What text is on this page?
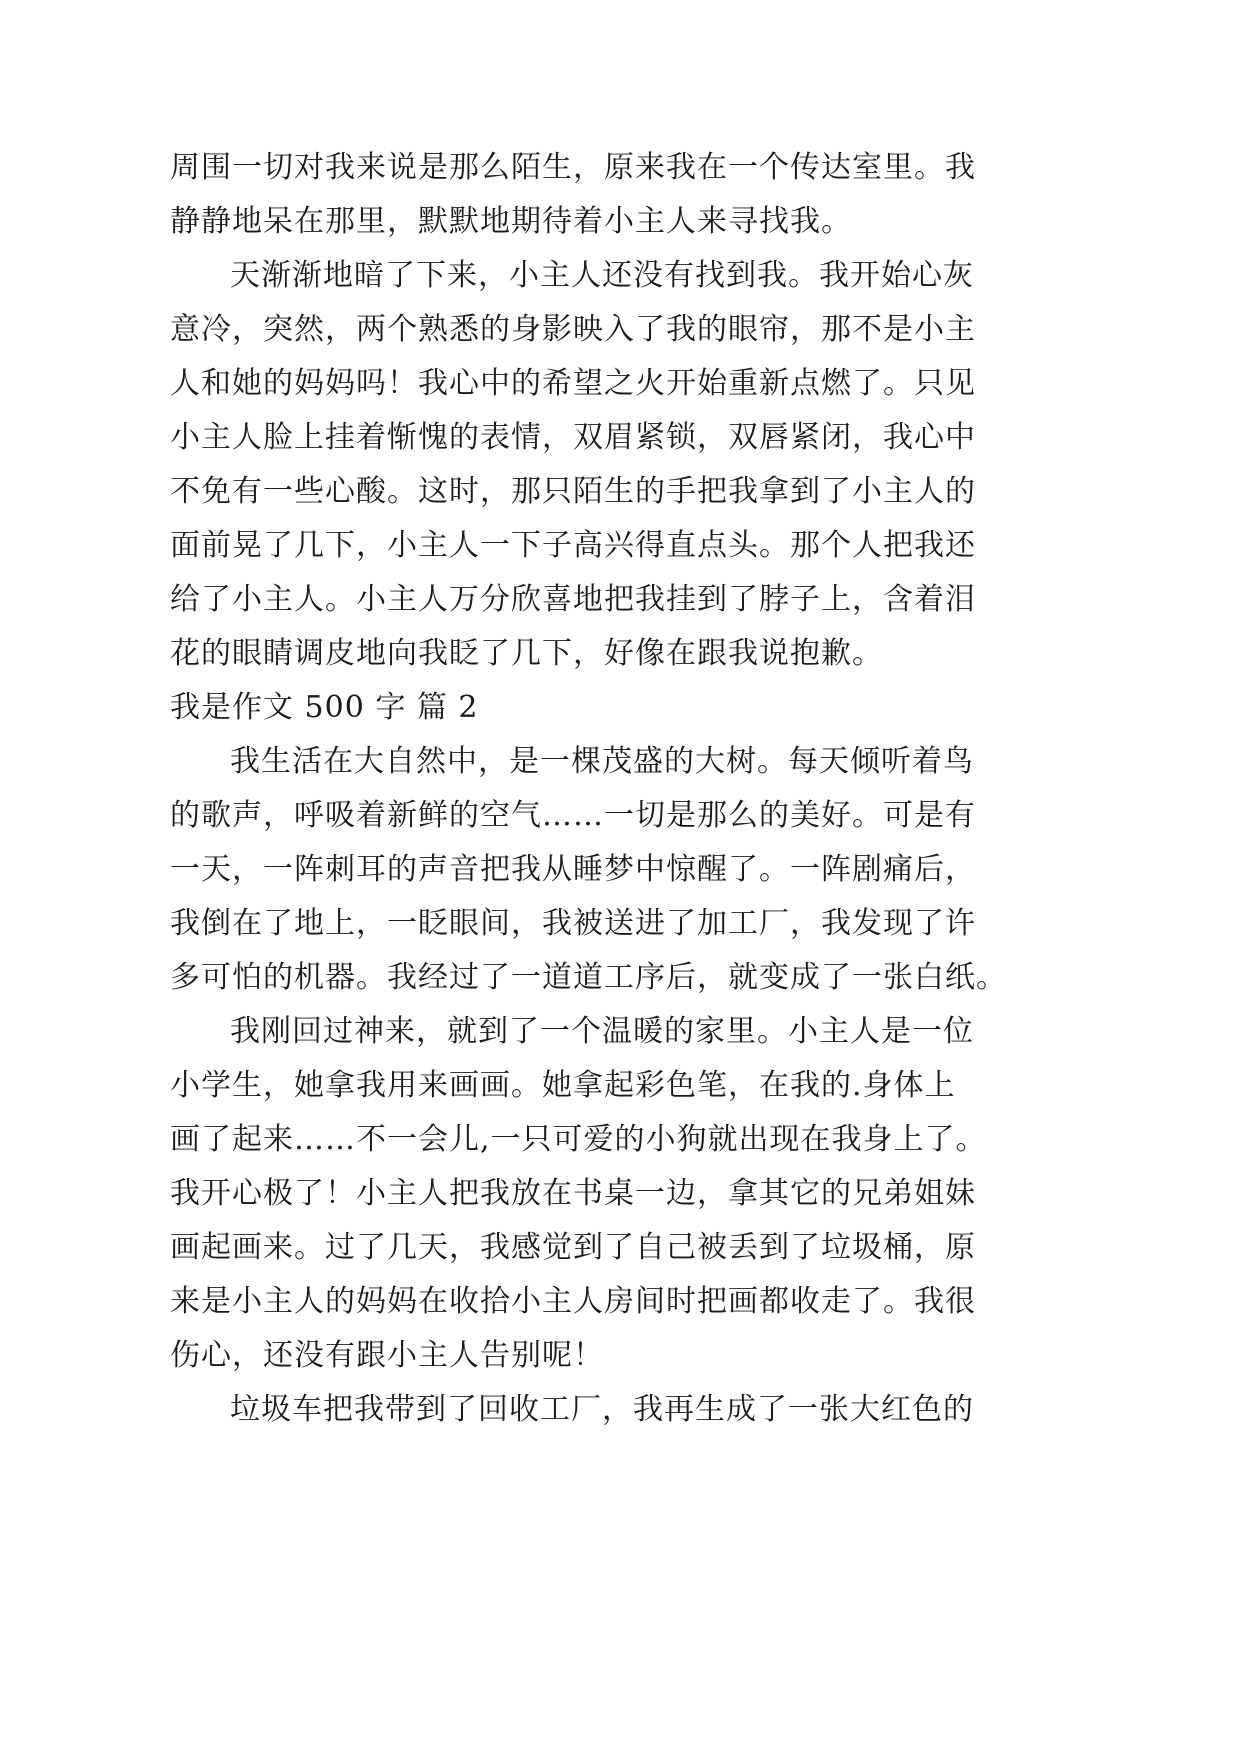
周围一切对我来说是那么陌生，原来我在一个传达室里。我
静静地呆在那里，默默地期待着小主人来寻找我。
天渐渐地暗了下来，小主人还没有找到我。我开始心灰
意冷，突然，两个熟悉的身影映入了我的眼帘，那不是小主
人和她的妈妈吗！我心中的希望之火开始重新点燃了。只见
小主人脸上挂着惭愧的表情，双眉紧锁，双唇紧闭，我心中
不免有一些心酸。这时，那只陌生的手把我拿到了小主人的
面前晃了几下，小主人一下子高兴得直点头。那个人把我还
给了小主人。小主人万分欣喜地把我挂到了脖子上，含着泪
花的眼睛调皮地向我眨了几下，好像在跟我说抱歉。
我是作文 500 字 篇 2
我生活在大自然中，是一棵茂盛的大树。每天倾听着鸟
的歌声，呼吸着新鲜的空气……一切是那么的美好。可是有
一天，一阵刺耳的声音把我从睡梦中惊醒了。一阵剧痛后，
我倒在了地上，一眨眼间，我被送进了加工厂，我发现了许
多可怕的机器。我经过了一道道工序后，就变成了一张白纸。
我刚回过神来，就到了一个温暖的家里。小主人是一位
小学生，她拿我用来画画。她拿起彩色笔，在我的.身体上
画了起来……不一会儿,一只可爱的小狗就出现在我身上了。
我开心极了！小主人把我放在书桌一边，拿其它的兄弟姐妹
画起画来。过了几天，我感觉到了自己被丢到了垃圾桶，原
来是小主人的妈妈在收拾小主人房间时把画都收走了。我很
伤心，还没有跟小主人告别呢！
垃圾车把我带到了回收工厂，我再生成了一张大红色的
